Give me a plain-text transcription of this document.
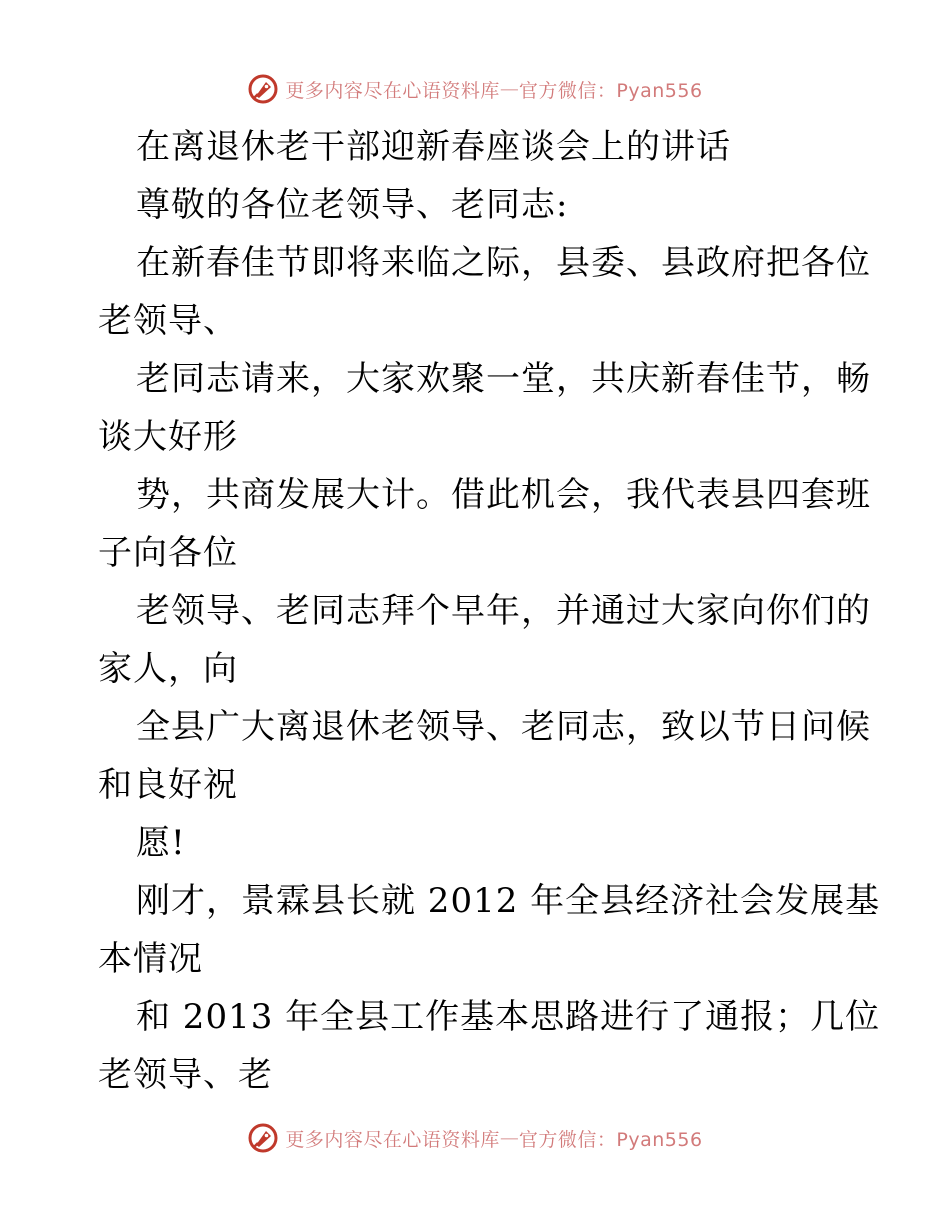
更多内容尽在心语资料库 — 官方微信：Pyan556
在离退休老干部迎新春座谈会上的讲话
尊敬的各位老领导、老同志:
在新春佳节即将来临之际，县委、县政府把各位
老领导、
老同志请来，大家欢聚一堂，共庆新春佳节，畅
谈大好形
势，共商发展大计。借此机会，我代表县四套班
子向各位
老领导、老同志拜个早年，并通过大家向你们的
家人，向
全县广大离退休老领导、老同志，致以节日问候
和良好祝
愿!
刚才，景霖县长就 2012 年全县经济社会发展基
本情况
和 2013 年全县工作基本思路进行了通报；几位
老领导、老
更多内容尽在心语资料库 — 官方微信：Pyan556
